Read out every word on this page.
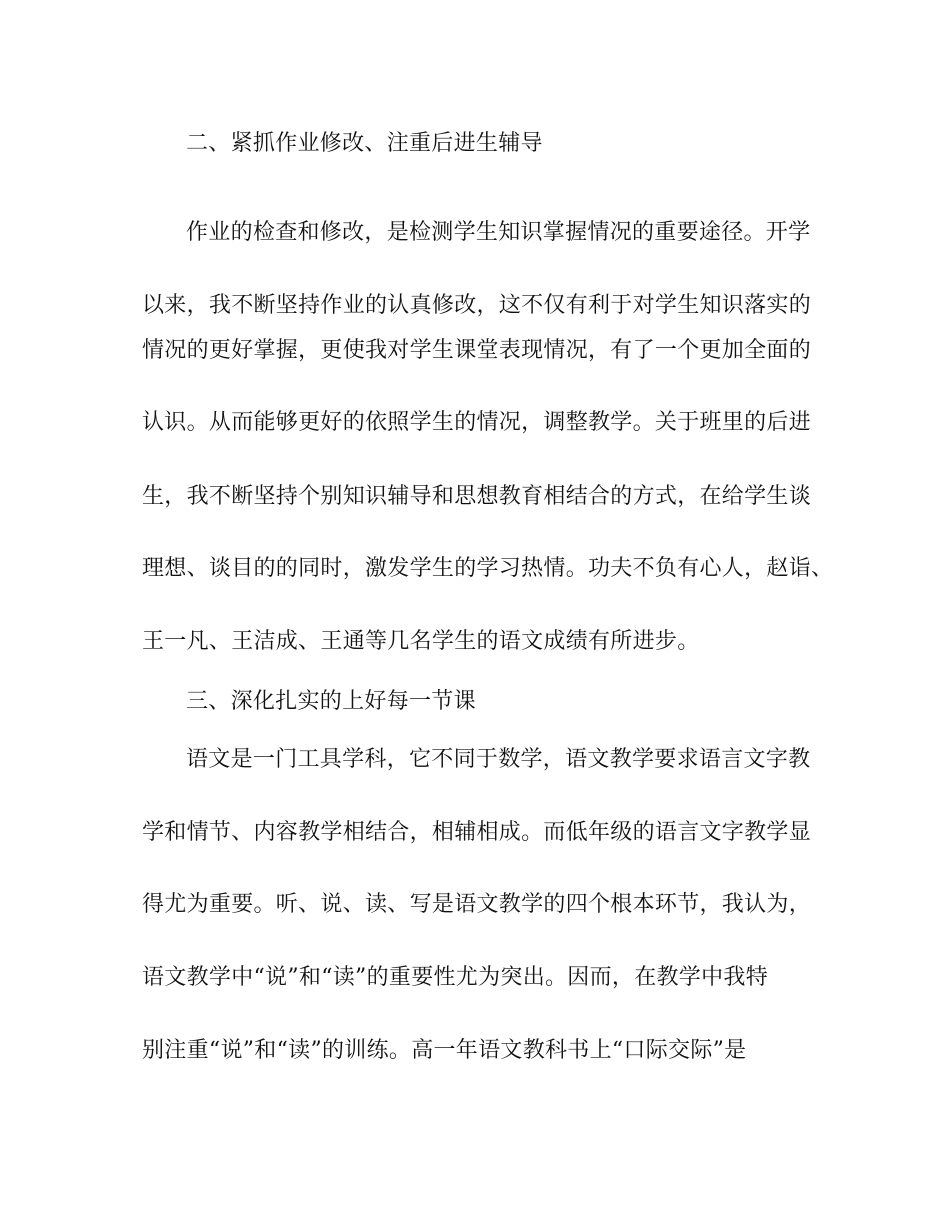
二、紧抓作业修改、注重后进生辅导
作业的检查和修改，是检测学生知识掌握情况的重要途径。开学
以来，我不断坚持作业的认真修改，这不仅有利于对学生知识落实的
情况的更好掌握，更使我对学生课堂表现情况，有了一个更加全面的
认识。从而能够更好的依照学生的情况，调整教学。关于班里的后进
生，我不断坚持个别知识辅导和思想教育相结合的方式，在给学生谈
理想、谈目的的同时，激发学生的学习热情。功夫不负有心人，赵诣、
王一凡、王洁成、王通等几名学生的语文成绩有所进步。
三、深化扎实的上好每一节课
语文是一门工具学科，它不同于数学，语文教学要求语言文字教
学和情节、内容教学相结合，相辅相成。而低年级的语言文字教学显
得尤为重要。听、说、读、写是语文教学的四个根本环节，我认为，
语文教学中“说”和“读”的重要性尤为突出。因而，在教学中我特
别注重“说”和“读”的训练。高一年语文教科书上“口际交际”是
